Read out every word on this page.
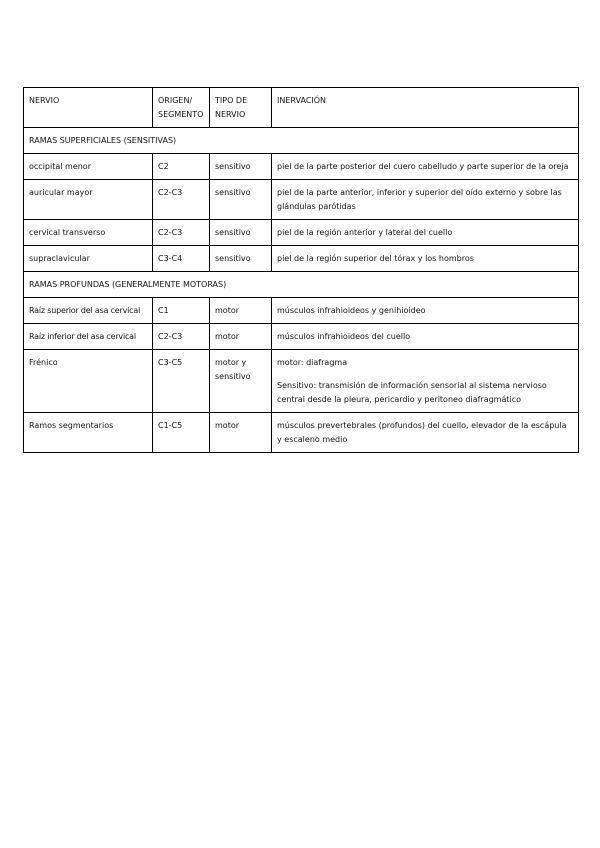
NERVIO	ORIGEN/ SEGMENTO	TIPO DE NERVIO	INERVACIÓN
RAMAS SUPERFICIALES (SENSITIVAS)			
occipital menor	C2	sensitivo	piel de la parte posterior del cuero cabelludo y parte superior de la oreja
auricular mayor	C2-C3	sensitivo	piel de la parte anterior, inferior y superior del oído externo y sobre las glándulas parótidas
cervical transverso	C2-C3	sensitivo	piel de la región anterior y lateral del cuello
supraclavicular	C3-C4	sensitivo	piel de la región superior del tórax y los hombros
RAMAS PROFUNDAS (GENERALMENTE MOTORAS)			
Raíz superior del asa cervical	C1	motor	músculos infrahioideos y genihioideo
Raíz inferior del asa cervical	C2-C3	motor	músculos infrahioideos del cuello
Frénico	C3-C5	motor y sensitivo	motor: diafragma
Sensitivo: transmisión de información sensorial al sistema nervioso central desde la pleura, pericardio y peritoneo diafragmático

Ramos segmentarios	C1-C5	motor	músculos prevertebrales (profundos) del cuello, elevador de la escápula y escaleno medio
